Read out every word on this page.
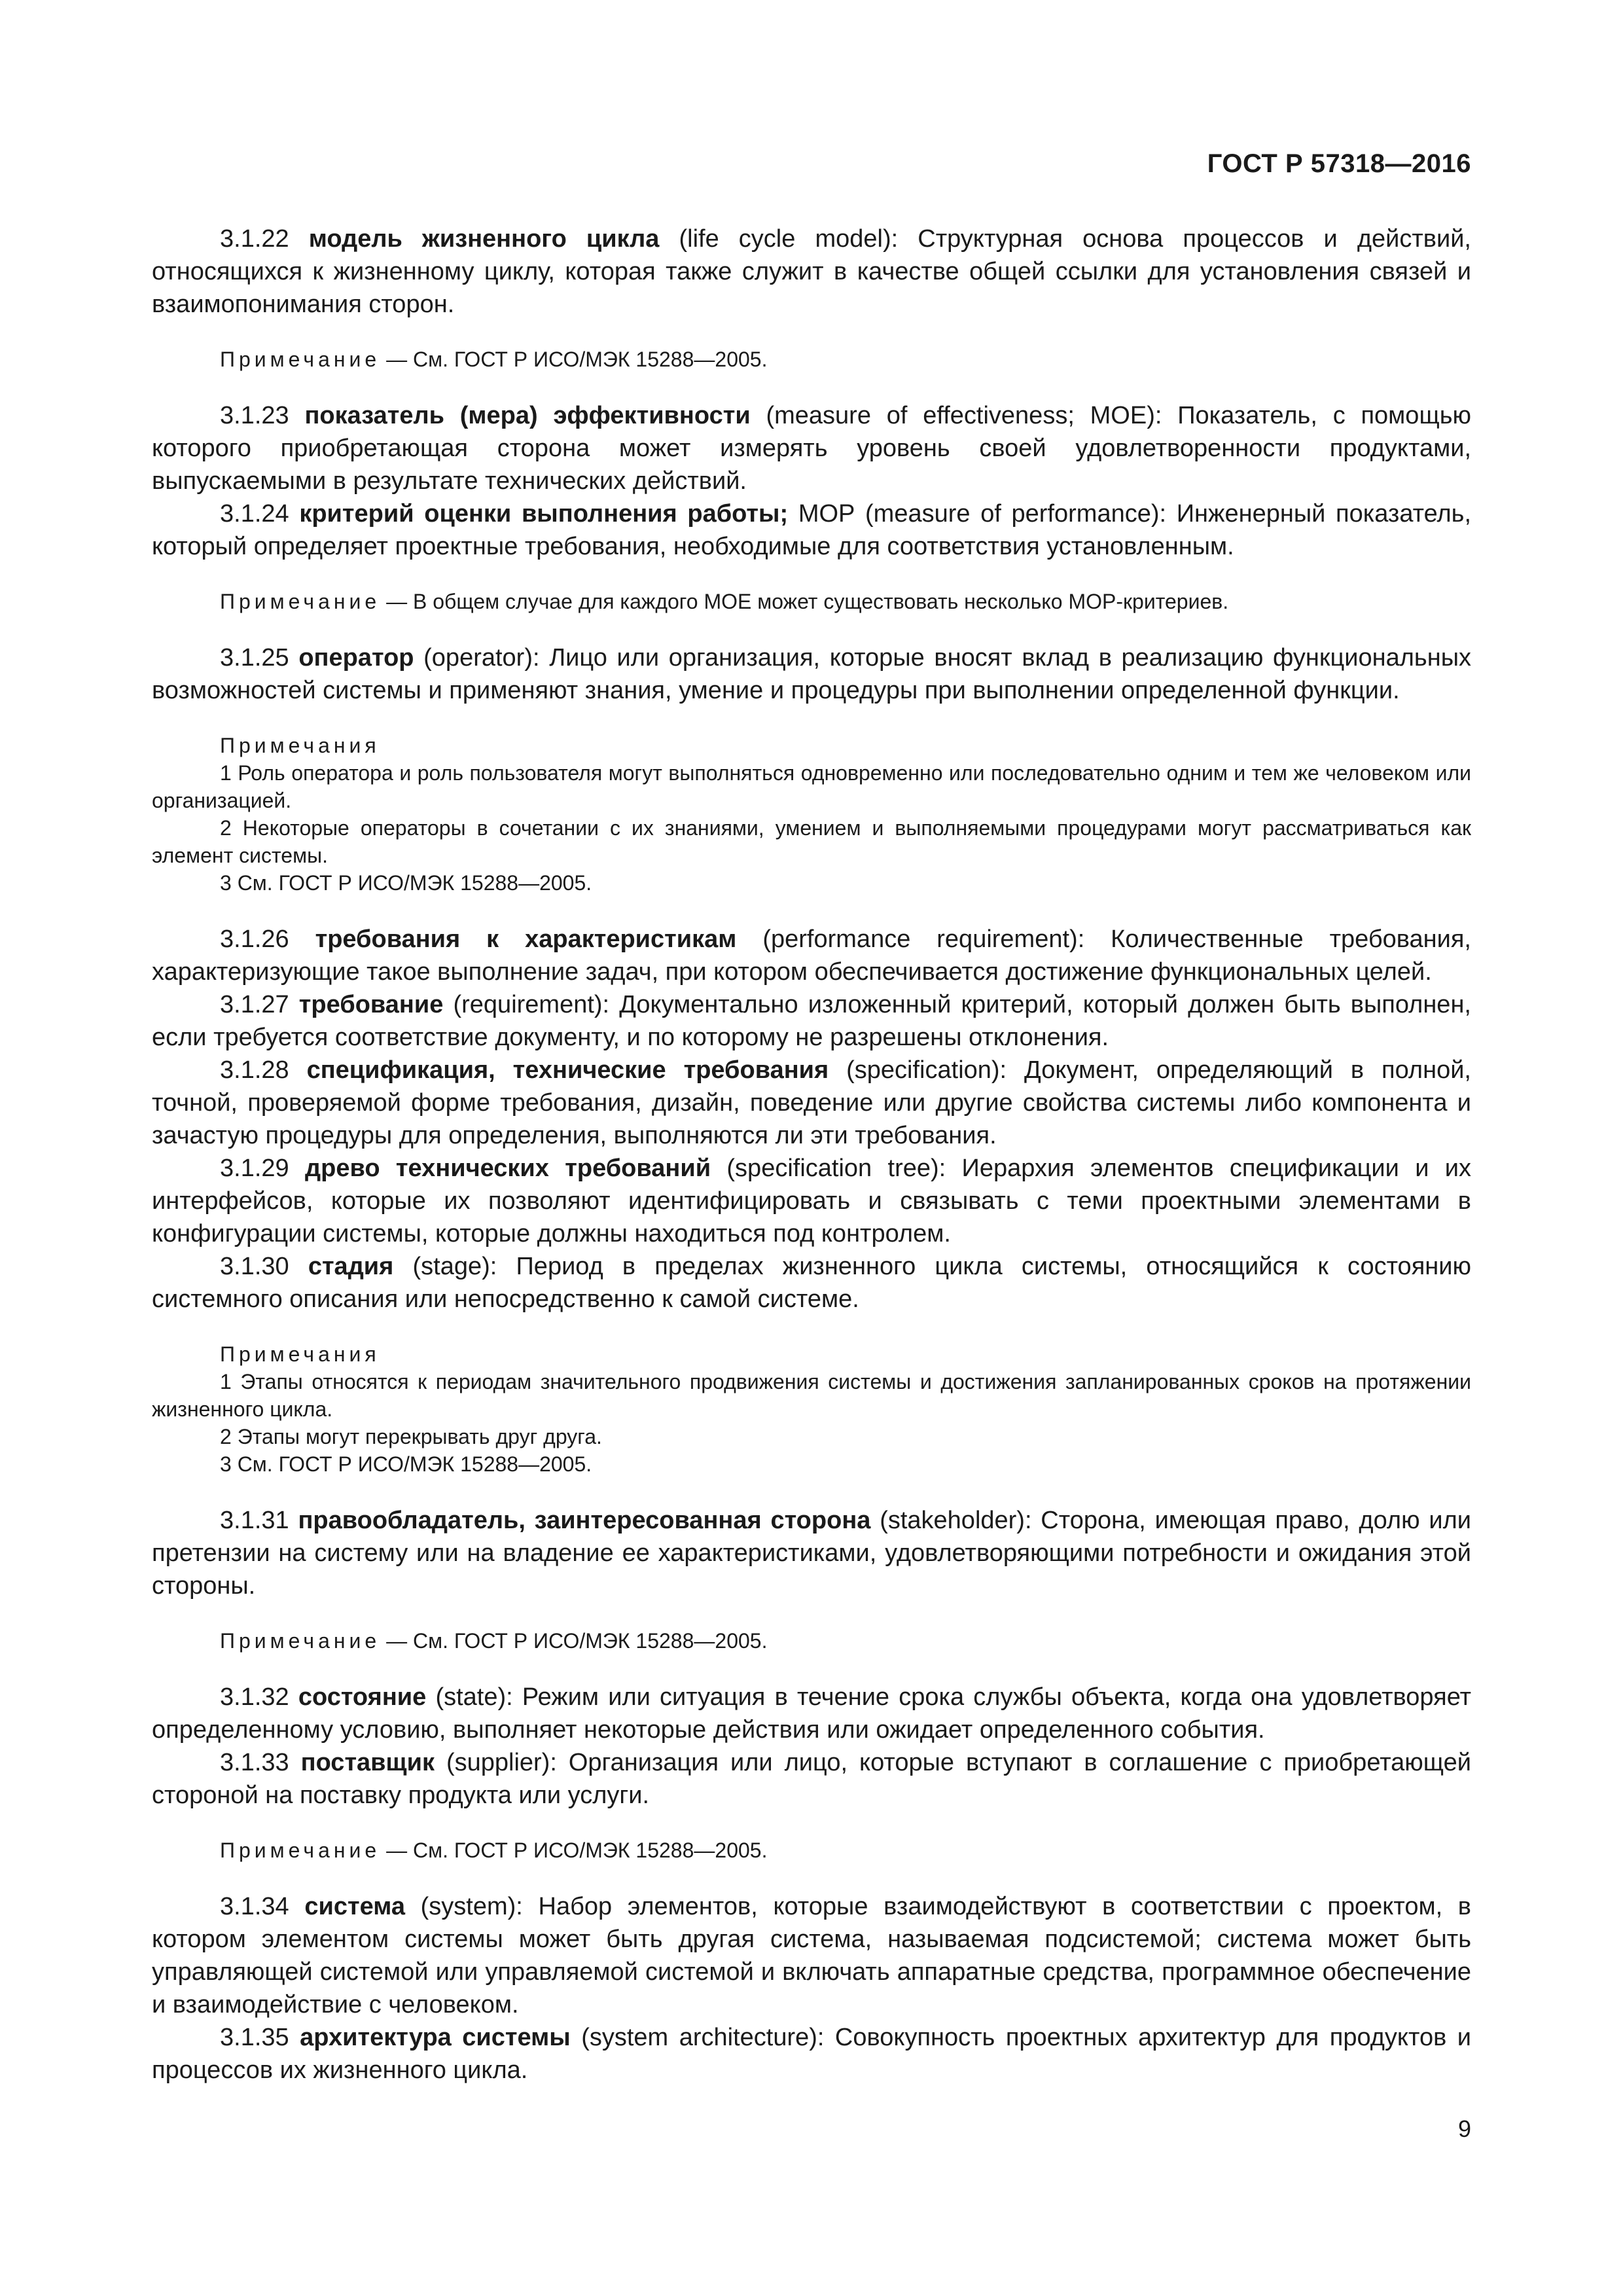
ГОСТ Р 57318—2016

3.1.22 модель жизненного цикла (life cycle model): Структурная основа процессов и действий, относящихся к жизненному циклу, которая также служит в качестве общей ссылки для установления связей и взаимопонимания сторон.

Примечание — См. ГОСТ Р ИСО/МЭК 15288—2005.

3.1.23 показатель (мера) эффективности (measure of effectiveness; МОЕ): Показатель, с помощью которого приобретающая сторона может измерять уровень своей удовлетворенности продуктами, выпускаемыми в результате технических действий.

3.1.24 критерий оценки выполнения работы; МОР (measure of performance): Инженерный показатель, который определяет проектные требования, необходимые для соответствия установленным.

Примечание — В общем случае для каждого МОЕ может существовать несколько МОР-критериев.

3.1.25 оператор (operator): Лицо или организация, которые вносят вклад в реализацию функциональных возможностей системы и применяют знания, умение и процедуры при выполнении определенной функции.

Примечания
1 Роль оператора и роль пользователя могут выполняться одновременно или последовательно одним и тем же человеком или организацией.
2 Некоторые операторы в сочетании с их знаниями, умением и выполняемыми процедурами могут рассматриваться как элемент системы.
3 См. ГОСТ Р ИСО/МЭК 15288—2005.

3.1.26 требования к характеристикам (performance requirement): Количественные требования, характеризующие такое выполнение задач, при котором обеспечивается достижение функциональных целей.

3.1.27 требование (requirement): Документально изложенный критерий, который должен быть выполнен, если требуется соответствие документу, и по которому не разрешены отклонения.

3.1.28 спецификация, технические требования (specification): Документ, определяющий в полной, точной, проверяемой форме требования, дизайн, поведение или другие свойства системы либо компонента и зачастую процедуры для определения, выполняются ли эти требования.

3.1.29 древо технических требований (specification tree): Иерархия элементов спецификации и их интерфейсов, которые их позволяют идентифицировать и связывать с теми проектными элементами в конфигурации системы, которые должны находиться под контролем.

3.1.30 стадия (stage): Период в пределах жизненного цикла системы, относящийся к состоянию системного описания или непосредственно к самой системе.

Примечания
1 Этапы относятся к периодам значительного продвижения системы и достижения запланированных сроков на протяжении жизненного цикла.
2 Этапы могут перекрывать друг друга.
3 См. ГОСТ Р ИСО/МЭК 15288—2005.

3.1.31 правообладатель, заинтересованная сторона (stakeholder): Сторона, имеющая право, долю или претензии на систему или на владение ее характеристиками, удовлетворяющими потребности и ожидания этой стороны.

Примечание — См. ГОСТ Р ИСО/МЭК 15288—2005.

3.1.32 состояние (state): Режим или ситуация в течение срока службы объекта, когда она удовлетворяет определенному условию, выполняет некоторые действия или ожидает определенного события.

3.1.33 поставщик (supplier): Организация или лицо, которые вступают в соглашение с приобретающей стороной на поставку продукта или услуги.

Примечание — См. ГОСТ Р ИСО/МЭК 15288—2005.

3.1.34 система (system): Набор элементов, которые взаимодействуют в соответствии с проектом, в котором элементом системы может быть другая система, называемая подсистемой; система может быть управляющей системой или управляемой системой и включать аппаратные средства, программное обеспечение и взаимодействие с человеком.

3.1.35 архитектура системы (system architecture): Совокупность проектных архитектур для продуктов и процессов их жизненного цикла.

9
